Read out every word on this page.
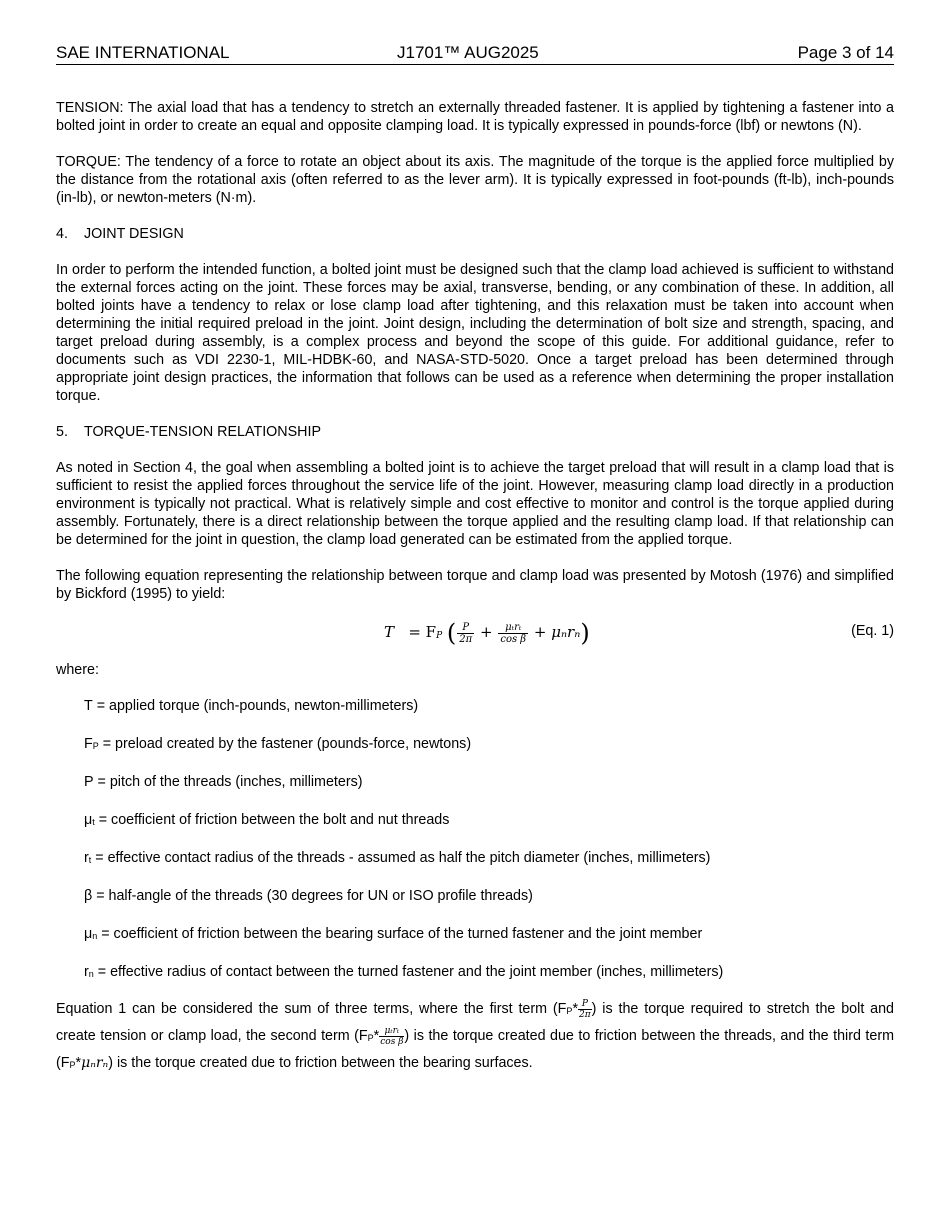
SAE INTERNATIONAL	J1701™ AUG2025	Page 3 of 14

TENSION: The axial load that has a tendency to stretch an externally threaded fastener. It is applied by tightening a fastener into a bolted joint in order to create an equal and opposite clamping load. It is typically expressed in pounds-force (lbf) or newtons (N).

TORQUE: The tendency of a force to rotate an object about its axis. The magnitude of the torque is the applied force multiplied by the distance from the rotational axis (often referred to as the lever arm). It is typically expressed in foot-pounds (ft-lb), inch-pounds (in-lb), or newton-meters (N·m).

4. JOINT DESIGN

In order to perform the intended function, a bolted joint must be designed such that the clamp load achieved is sufficient to withstand the external forces acting on the joint. These forces may be axial, transverse, bending, or any combination of these. In addition, all bolted joints have a tendency to relax or lose clamp load after tightening, and this relaxation must be taken into account when determining the initial required preload in the joint. Joint design, including the determination of bolt size and strength, spacing, and target preload during assembly, is a complex process and beyond the scope of this guide. For additional guidance, refer to documents such as VDI 2230-1, MIL-HDBK-60, and NASA-STD-5020. Once a target preload has been determined through appropriate joint design practices, the information that follows can be used as a reference when determining the proper installation torque.

5. TORQUE-TENSION RELATIONSHIP

As noted in Section 4, the goal when assembling a bolted joint is to achieve the target preload that will result in a clamp load that is sufficient to resist the applied forces throughout the service life of the joint. However, measuring clamp load directly in a production environment is typically not practical. What is relatively simple and cost effective to monitor and control is the torque applied during assembly. Fortunately, there is a direct relationship between the torque applied and the resulting clamp load. If that relationship can be determined for the joint in question, the clamp load generated can be estimated from the applied torque.

The following equation representing the relationship between torque and clamp load was presented by Motosh (1976) and simplified by Bickford (1995) to yield:

$T = F_P$ ( $\frac{P}{2\pi} + \frac{\text{μₜrₜ}}{\text{cos β}} + \mu_nr_n$)	(Eq. 1)

where:

T = applied torque (inch-pounds, newton-millimeters)

$F_P$ = preload created by the fastener (pounds-force, newtons)

P = pitch of the threads (inches, millimeters)

$\mu_t$ = coefficient of friction between the bolt and nut threads

$r_t$ = effective contact radius of the threads - assumed as half the pitch diameter (inches, millimeters)

β = half-angle of the threads (30 degrees for UN or ISO profile threads)

$\mu_n$ = coefficient of friction between the bearing surface of the turned fastener and the joint member

$r_n$ = effective radius of contact between the turned fastener and the joint member (inches, millimeters)

Equation 1 can be considered the sum of three terms, where the first term ($F_P* \frac{P}{2\pi}$ ) is the torque required to stretch the bolt and create tension or clamp load, the second term ($F_P* \frac{\text{μₜrₜ}}{\text{cos β}}$ ) is the torque created due to friction between the threads, and the third term $(F_P*\mu_nr_n)$ is the torque created due to friction between the bearing surfaces.
